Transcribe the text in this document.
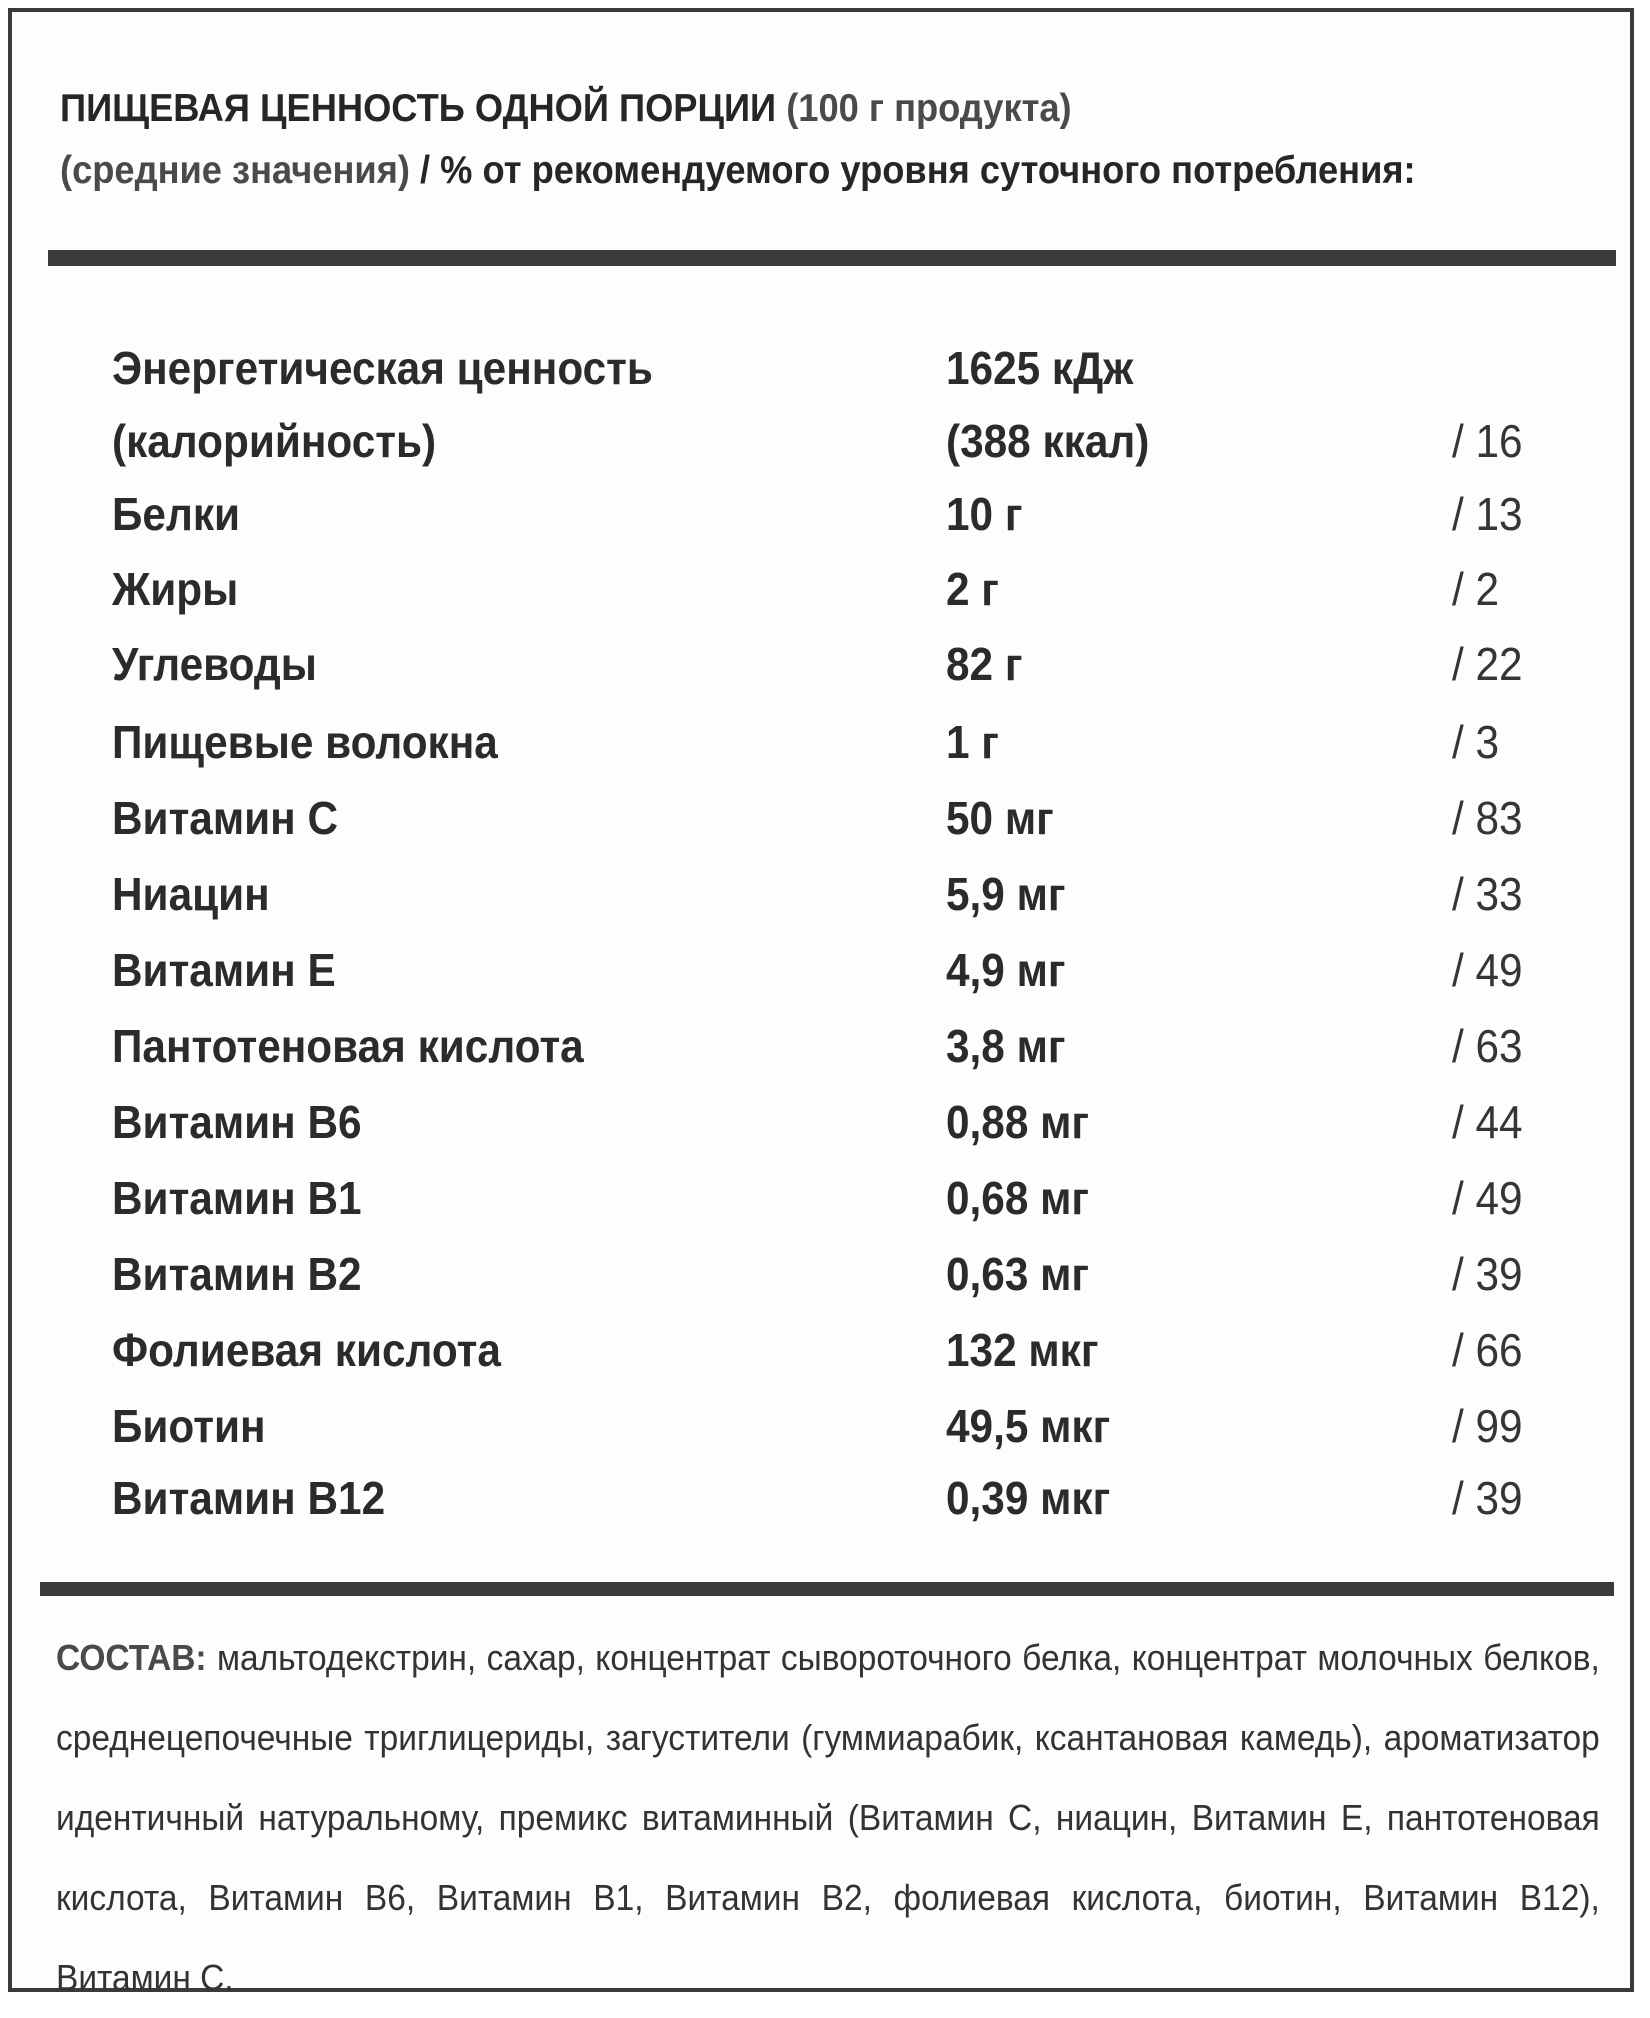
ПИЩЕВАЯ ЦЕННОСТЬ ОДНОЙ ПОРЦИИ (100 г продукта)
(средние значения) / % от рекомендуемого уровня суточного потребления:
Энергетическая ценность	1625 кДж
(калорийность)	(388 ккал)	/ 16
Белки	10 г	/ 13
Жиры	2 г	/ 2
Углеводы	82 г	/ 22
Пищевые волокна	1 г	/ 3
Витамин С	50 мг	/ 83
Ниацин	5,9 мг	/ 33
Витамин Е	4,9 мг	/ 49
Пантотеновая кислота	3,8 мг	/ 63
Витамин В6	0,88 мг	/ 44
Витамин В1	0,68 мг	/ 49
Витамин В2	0,63 мг	/ 39
Фолиевая кислота	132 мкг	/ 66
Биотин	49,5 мкг	/ 99
Витамин В12	0,39 мкг	/ 39
СОСТАВ: мальтодекстрин, сахар, концентрат сывороточного белка, концентрат молочных белков, среднецепочечные триглицериды, загустители (гуммиарабик, ксантановая камедь), ароматизатор идентичный натуральному, премикс витаминный (Витамин С, ниацин, Витамин Е, пантотеновая кислота, Витамин В6, Витамин В1, Витамин В2, фолиевая кислота, биотин, Витамин В12), Витамин С.
